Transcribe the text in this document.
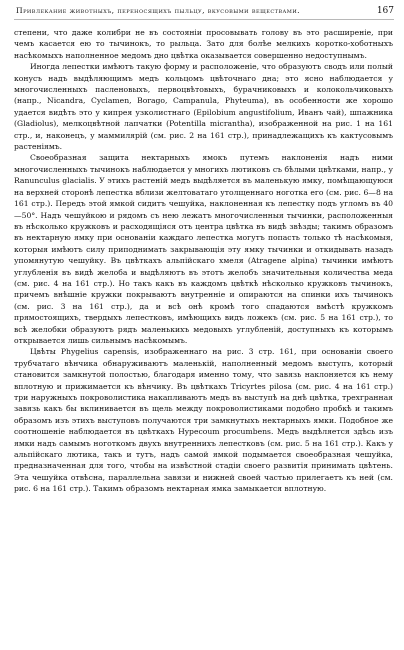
Привлекание животныхъ, переносящихъ пыльцу, вкусовыми веществами.	167

степени, что даже колибри не въ состояніи просовывать голову въ это расширеніе, при чемъ касается ею то тычинокъ, то рыльца. Зато для болѣе мелкихъ коротко-хоботныхъ насѣкомыхъ наполненное медомъ дно цвѣтка оказывается совершенно недоступнымъ.

Иногда лепестки имѣютъ такую форму и расположеніе, что образуютъ сводъ или полый конусъ надъ выдѣляющимъ медъ кольцомъ цвѣточнаго дна; это ясно наблюдается у многочисленныхъ пасленовыхъ, первоцвѣтовыхъ, бурачниковыхъ и колокольчиковыхъ (напр., Nicandra, Cyclamen, Borago, Campanula, Phyteuma), въ особенности же хорошо удается видѣть это у кипрея узколистнаго (Epilobium angustifolium, Иванъ чай), шпажника (Gladiolus), мелкоцвѣтной лапчатки (Potentilla micrantha), изображенной на рис. 1 на 161 стр., и, наконецъ, у маммилярій (см. рис. 2 на 161 стр.), принадлежащихъ къ кактусовымъ растеніямъ.

Своеобразная защита нектарныхъ ямокъ путемъ наклоненія надъ ними многочисленныхъ тычинокъ наблюдается у многихъ лютиковъ съ бѣлыми цвѣтками, напр., у Ranunculus glacialis. У этихъ растеній медъ выдѣляется въ маленькую ямку, помѣщающуюся на верхней сторонѣ лепестка вблизи желтоватаго утолщеннаго ноготка его (см. рис. 6—8 на 161 стр.). Передъ этой ямкой сидитъ чешуйка, наклоненная къ лепестку подъ угломъ въ 40—50°. Надъ чешуйкою и рядомъ съ нею лежатъ многочисленныя тычинки, расположенныя въ нѣсколько кружковъ и расходящіяся отъ центра цвѣтка въ видѣ звѣзды; такимъ образомъ въ нектарную ямку при основаніи каждаго лепестка могутъ попасть только тѣ насѣкомыя, которыя имѣютъ силу приподнимать закрывающія эту ямку тычинки и откидывать назадъ упомянутую чешуйку. Въ цвѣткахъ альпійскаго хмеля (Atragene alpina) тычинки имѣютъ углубленія въ видѣ желоба и выдѣляютъ въ этотъ желобъ значительныя количества меда (см. рис. 4 на 161 стр.). Но такъ какъ въ каждомъ цвѣткѣ нѣсколько кружковъ тычинокъ, причемъ внѣшніе кружки покрываютъ внутренніе и опираются на спинки ихъ тычинокъ (см. рис. 3 на 161 стр.), да и всѣ онѣ кромѣ того спадаются вмѣстѣ кружкомъ прямостоящихъ, твердыхъ лепестковъ, имѣющихъ видъ ложекъ (см. рис. 5 на 161 стр.), то всѣ желобки образуютъ рядъ маленькихъ медовыхъ углубленій, доступныхъ къ которымъ открывается лишь сильнымъ насѣкомымъ.

Цвѣты Phygelius capensis, изображеннаго на рис. 3 стр. 161, при основаніи своего трубчатаго вѣнчика обнаруживаютъ маленькій, наполненный медомъ выступъ, который становится замкнутой полостью, благодаря именно тому, что завязь наклоняется къ нему вплотную и прижимается къ вѣнчику. Въ цвѣткахъ Tricyrtes pilosa (см. рис. 4 на 161 стр.) три наружныхъ покроволистика накапливаютъ медъ въ выступѣ на днѣ цвѣтка, трехгранная завязь какъ бы вклинивается въ щель между покроволистиками подобно пробкѣ и такимъ образомъ изъ этихъ выступовъ получаются три замкнутыхъ нектарныхъ ямки. Подобное же соотношеніе наблюдается въ цвѣткахъ Hypecoum procumbens. Медъ выдѣляется здѣсь изъ ямки надъ самымъ ноготкомъ двухъ внутреннихъ лепестковъ (см. рис. 5 на 161 стр.). Какъ у альпійскаго лютика, такъ и тутъ, надъ самой ямкой подымается своеобразная чешуйка, предназначенная для того, чтобы на извѣстной стадіи своего развитія принимать цвѣтень. Эта чешуйка отвѣсна, параллельна завязи и нижней своей частью прилегаетъ къ ней (см. рис. 6 на 161 стр.). Такимъ образомъ нектарная ямка замыкается вплотную.
